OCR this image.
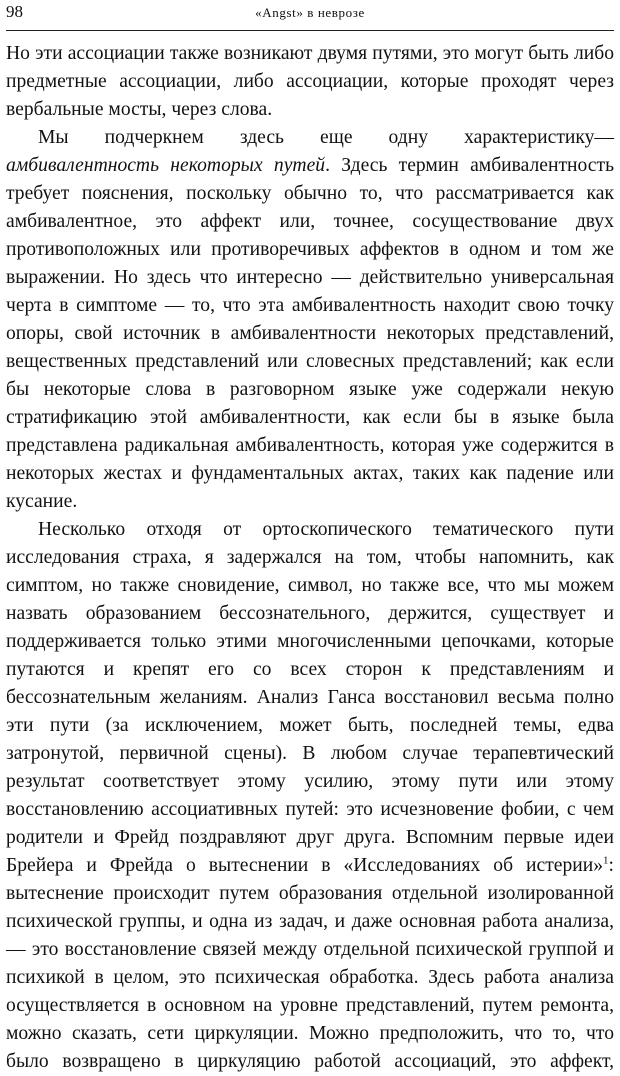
98	«Angst» в неврозе

Но эти ассоциации также возникают двумя путями, это могут быть либо предметные ассоциации, либо ассоциации, которые проходят через вербальные мосты, через слова.

Мы подчеркнем здесь еще одну характеристику— амбивалентность некоторых путей. Здесь термин амбивалентность требует пояснения, поскольку обычно то, что рассматривается как амбивалентное, это аффект или, точнее, сосуществование двух противоположных или противоречивых аффектов в одном и том же выражении. Но здесь что интересно — действительно универсальная черта в симптоме — то, что эта амбивалентность находит свою точку опоры, свой источник в амбивалентности некоторых представлений, вещественных представлений или словесных представлений; как если бы некоторые слова в разговорном языке уже содержали некую стратификацию этой амбивалентности, как если бы в языке была представлена радикальная амбивалентность, которая уже содержится в некоторых жестах и фундаментальных актах, таких как падение или кусание.

Несколько отходя от ортоскопического тематического пути исследования страха, я задержался на том, чтобы напомнить, как симптом, но также сновидение, символ, но также все, что мы можем назвать образованием бессознательного, держится, существует и поддерживается только этими многочисленными цепочками, которые путаются и крепят его со всех сторон к представлениям и бессознательным желаниям. Анализ Ганса восстановил весьма полно эти пути (за исключением, может быть, последней темы, едва затронутой, первичной сцены). В любом случае терапевтический результат соответствует этому усилию, этому пути или этому восстановлению ассоциативных путей: это исчезновение фобии, с чем родители и Фрейд поздравляют друг друга. Вспомним первые идеи Брейера и Фрейда о вытеснении в «Исследованиях об истерии»$^1$: вытеснение происходит путем образования отдельной изолированной психической группы, и одна из задач, и даже основная работа анализа, — это восстановление связей между отдельной психической группой и психикой в целом, это психическая обработка. Здесь работа анализа осуществляется в основном на уровне представлений, путем ремонта, можно сказать, сети циркуляции. Можно предположить, что то, что было возвращено в циркуляцию работой ассоциаций, это аффект,
